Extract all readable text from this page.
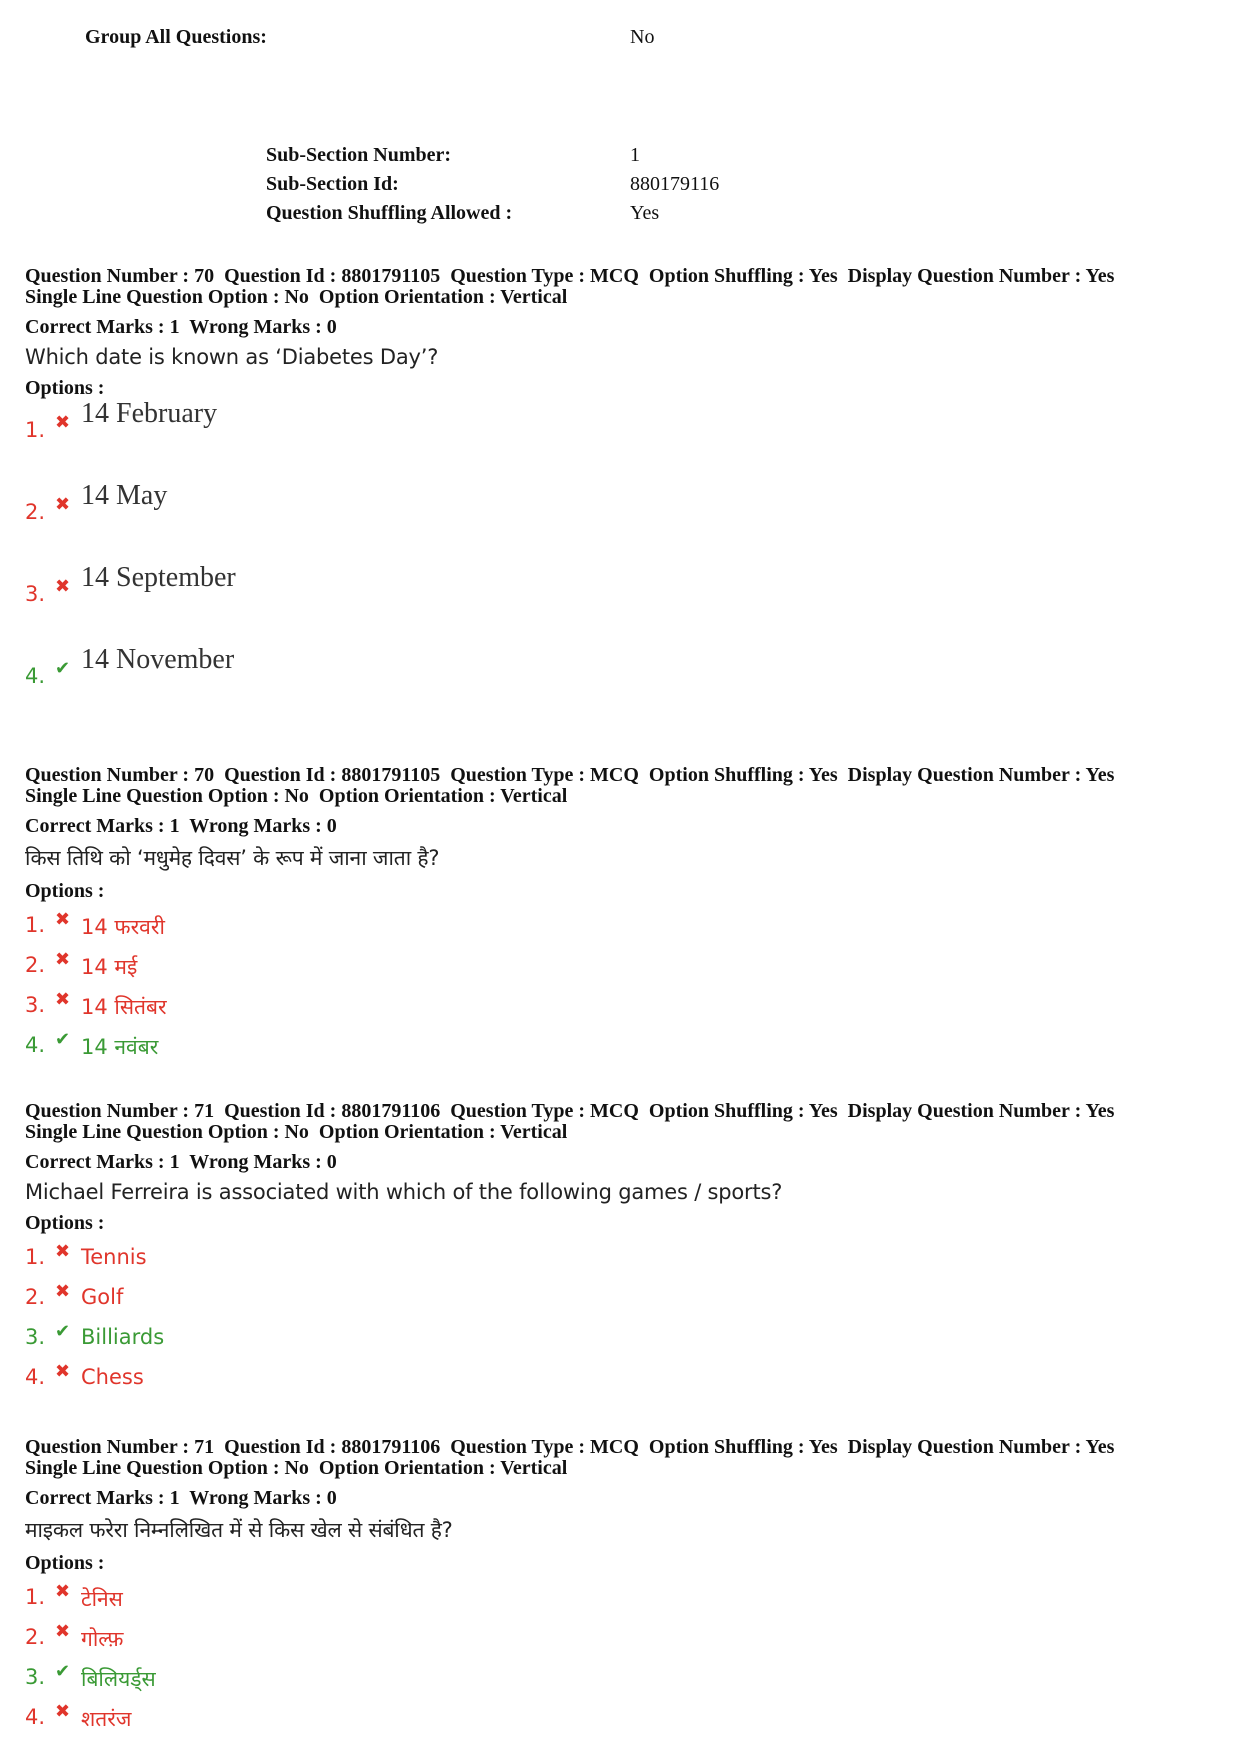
Group All Questions:	No
Sub-Section Number:	1
Sub-Section Id:	880179116
Question Shuffling Allowed :	Yes
Question Number : 70  Question Id : 8801791105  Question Type : MCQ  Option Shuffling : Yes  Display Question Number : Yes
Single Line Question Option : No  Option Orientation : Vertical
Correct Marks : 1  Wrong Marks : 0
Which date is known as ‘Diabetes Day’?
Options :
1. ✖ 14 February
2. ✖ 14 May
3. ✖ 14 September
4. ✔ 14 November
Question Number : 70  Question Id : 8801791105  Question Type : MCQ  Option Shuffling : Yes  Display Question Number : Yes
Single Line Question Option : No  Option Orientation : Vertical
Correct Marks : 1  Wrong Marks : 0
किस तिथि को ‘मधुमेह दिवस’ के रूप में जाना जाता है?
Options :
1. ✖ 14 फरवरी
2. ✖ 14 मई
3. ✖ 14 सितंबर
4. ✔ 14 नवंबर
Question Number : 71  Question Id : 8801791106  Question Type : MCQ  Option Shuffling : Yes  Display Question Number : Yes
Single Line Question Option : No  Option Orientation : Vertical
Correct Marks : 1  Wrong Marks : 0
Michael Ferreira is associated with which of the following games / sports?
Options :
1. ✖ Tennis
2. ✖ Golf
3. ✔ Billiards
4. ✖ Chess
Question Number : 71  Question Id : 8801791106  Question Type : MCQ  Option Shuffling : Yes  Display Question Number : Yes
Single Line Question Option : No  Option Orientation : Vertical
Correct Marks : 1  Wrong Marks : 0
माइकल फरेरा निम्नलिखित में से किस खेल से संबंधित है?
Options :
1. ✖ टेनिस
2. ✖ गोल्फ़
3. ✔ बिलियर्ड्स
4. ✖ शतरंज
